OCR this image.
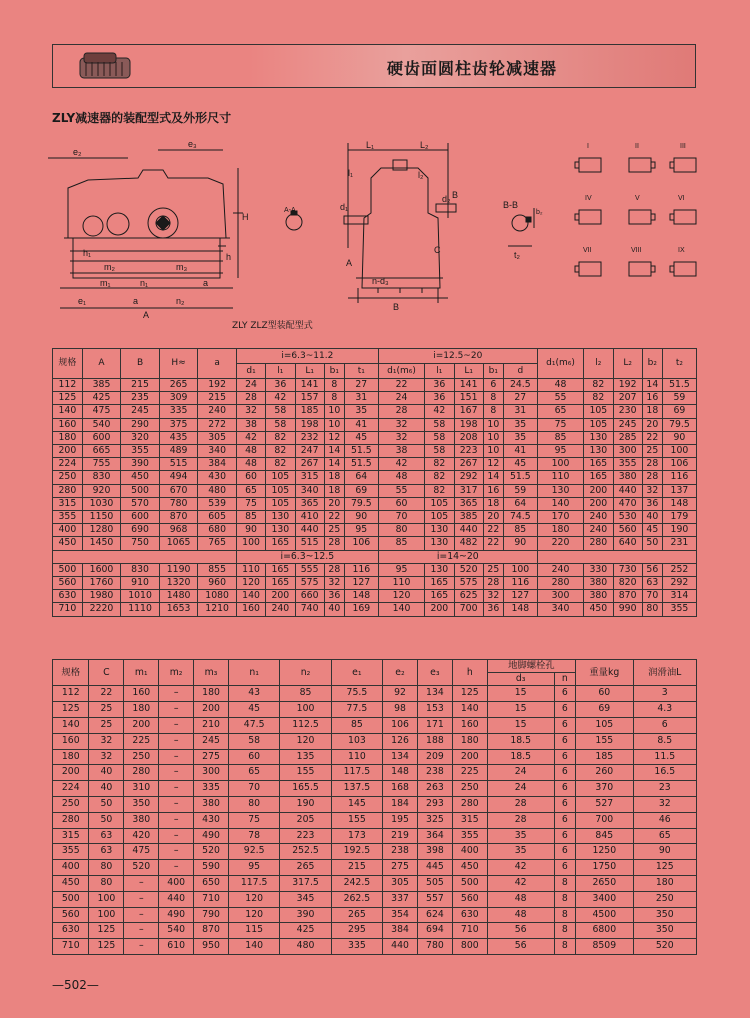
硬齿面圆柱齿轮减速器
ZLY减速器的装配型式及外形尺寸
e₂
e₃
H
h
h₁
e₁
m₁
m₂	m₃
n₁
n₂
a
a
A
A-A
L₁	L₂
l₁	l₂
d₁
d₂
C
B
n-d₃
B
A
B-B
b₂
t₂
I	II	III
IV	V	VI
VII	VIII	IX
ZLY ZLZ型装配型式
规格	A	B	H≈	a	i=6.3~11.2					i=12.5~20					d₁(m₆)	l₂	L₂	b₂	t₂
					d₁	l₁	L₁	b₁	t₁	d₁(m₆)	l₁	L₁	b₁	d					
112	385	215	265	192	24	36	141	8	27	22	36	141	6	24.5	48	82	192	14	51.5
125	425	235	309	215	28	42	157	8	31	24	36	151	8	27	55	82	207	16	59
140	475	245	335	240	32	58	185	10	35	28	42	167	8	31	65	105	230	18	69
160	540	290	375	272	38	58	198	10	41	32	58	198	10	35	75	105	245	20	79.5
180	600	320	435	305	42	82	232	12	45	32	58	208	10	35	85	130	285	22	90
200	665	355	489	340	48	82	247	14	51.5	38	58	223	10	41	95	130	300	25	100
224	755	390	515	384	48	82	267	14	51.5	42	82	267	12	45	100	165	355	28	106
250	830	450	494	430	60	105	315	18	64	48	82	292	14	51.5	110	165	380	28	116
280	920	500	670	480	65	105	340	18	69	55	82	317	16	59	130	200	440	32	137
315	1030	570	780	539	75	105	365	20	79.5	60	105	365	18	64	140	200	470	36	148
355	1150	600	870	605	85	130	410	22	90	70	105	385	20	74.5	170	240	530	40	179
400	1280	690	968	680	90	130	440	25	95	80	130	440	22	85	180	240	560	45	190
450	1450	750	1065	765	100	165	515	28	106	85	130	482	22	90	220	280	640	50	231
					i=6.3~12.5					i=14~20									
500	1600	830	1190	855	110	165	555	28	116	95	130	520	25	100	240	330	730	56	252
560	1760	910	1320	960	120	165	575	32	127	110	165	575	28	116	280	380	820	63	292
630	1980	1010	1480	1080	140	200	660	36	148	120	165	625	32	127	300	380	870	70	314
710	2220	1110	1653	1210	160	240	740	40	169	140	200	700	36	148	340	450	990	80	355
规格	C	m₁	m₂	m₃	n₁	n₂	e₁	e₂	e₃	h	地脚螺栓孔		重量kg	润滑油L
											d₃	n		
112	22	160	–	180	43	85	75.5	92	134	125	15	6	60	3
125	25	180	–	200	45	100	77.5	98	153	140	15	6	69	4.3
140	25	200	–	210	47.5	112.5	85	106	171	160	15	6	105	6
160	32	225	–	245	58	120	103	126	188	180	18.5	6	155	8.5
180	32	250	–	275	60	135	110	134	209	200	18.5	6	185	11.5
200	40	280	–	300	65	155	117.5	148	238	225	24	6	260	16.5
224	40	310	–	335	70	165.5	137.5	168	263	250	24	6	370	23
250	50	350	–	380	80	190	145	184	293	280	28	6	527	32
280	50	380	–	430	75	205	155	195	325	315	28	6	700	46
315	63	420	–	490	78	223	173	219	364	355	35	6	845	65
355	63	475	–	520	92.5	252.5	192.5	238	398	400	35	6	1250	90
400	80	520	–	590	95	265	215	275	445	450	42	6	1750	125
450	80	–	400	650	117.5	317.5	242.5	305	505	500	42	8	2650	180
500	100	–	440	710	120	345	262.5	337	557	560	48	8	3400	250
560	100	–	490	790	120	390	265	354	624	630	48	8	4500	350
630	125	–	540	870	115	425	295	384	694	710	56	8	6800	350
710	125	–	610	950	140	480	335	440	780	800	56	8	8509	520
—502—
